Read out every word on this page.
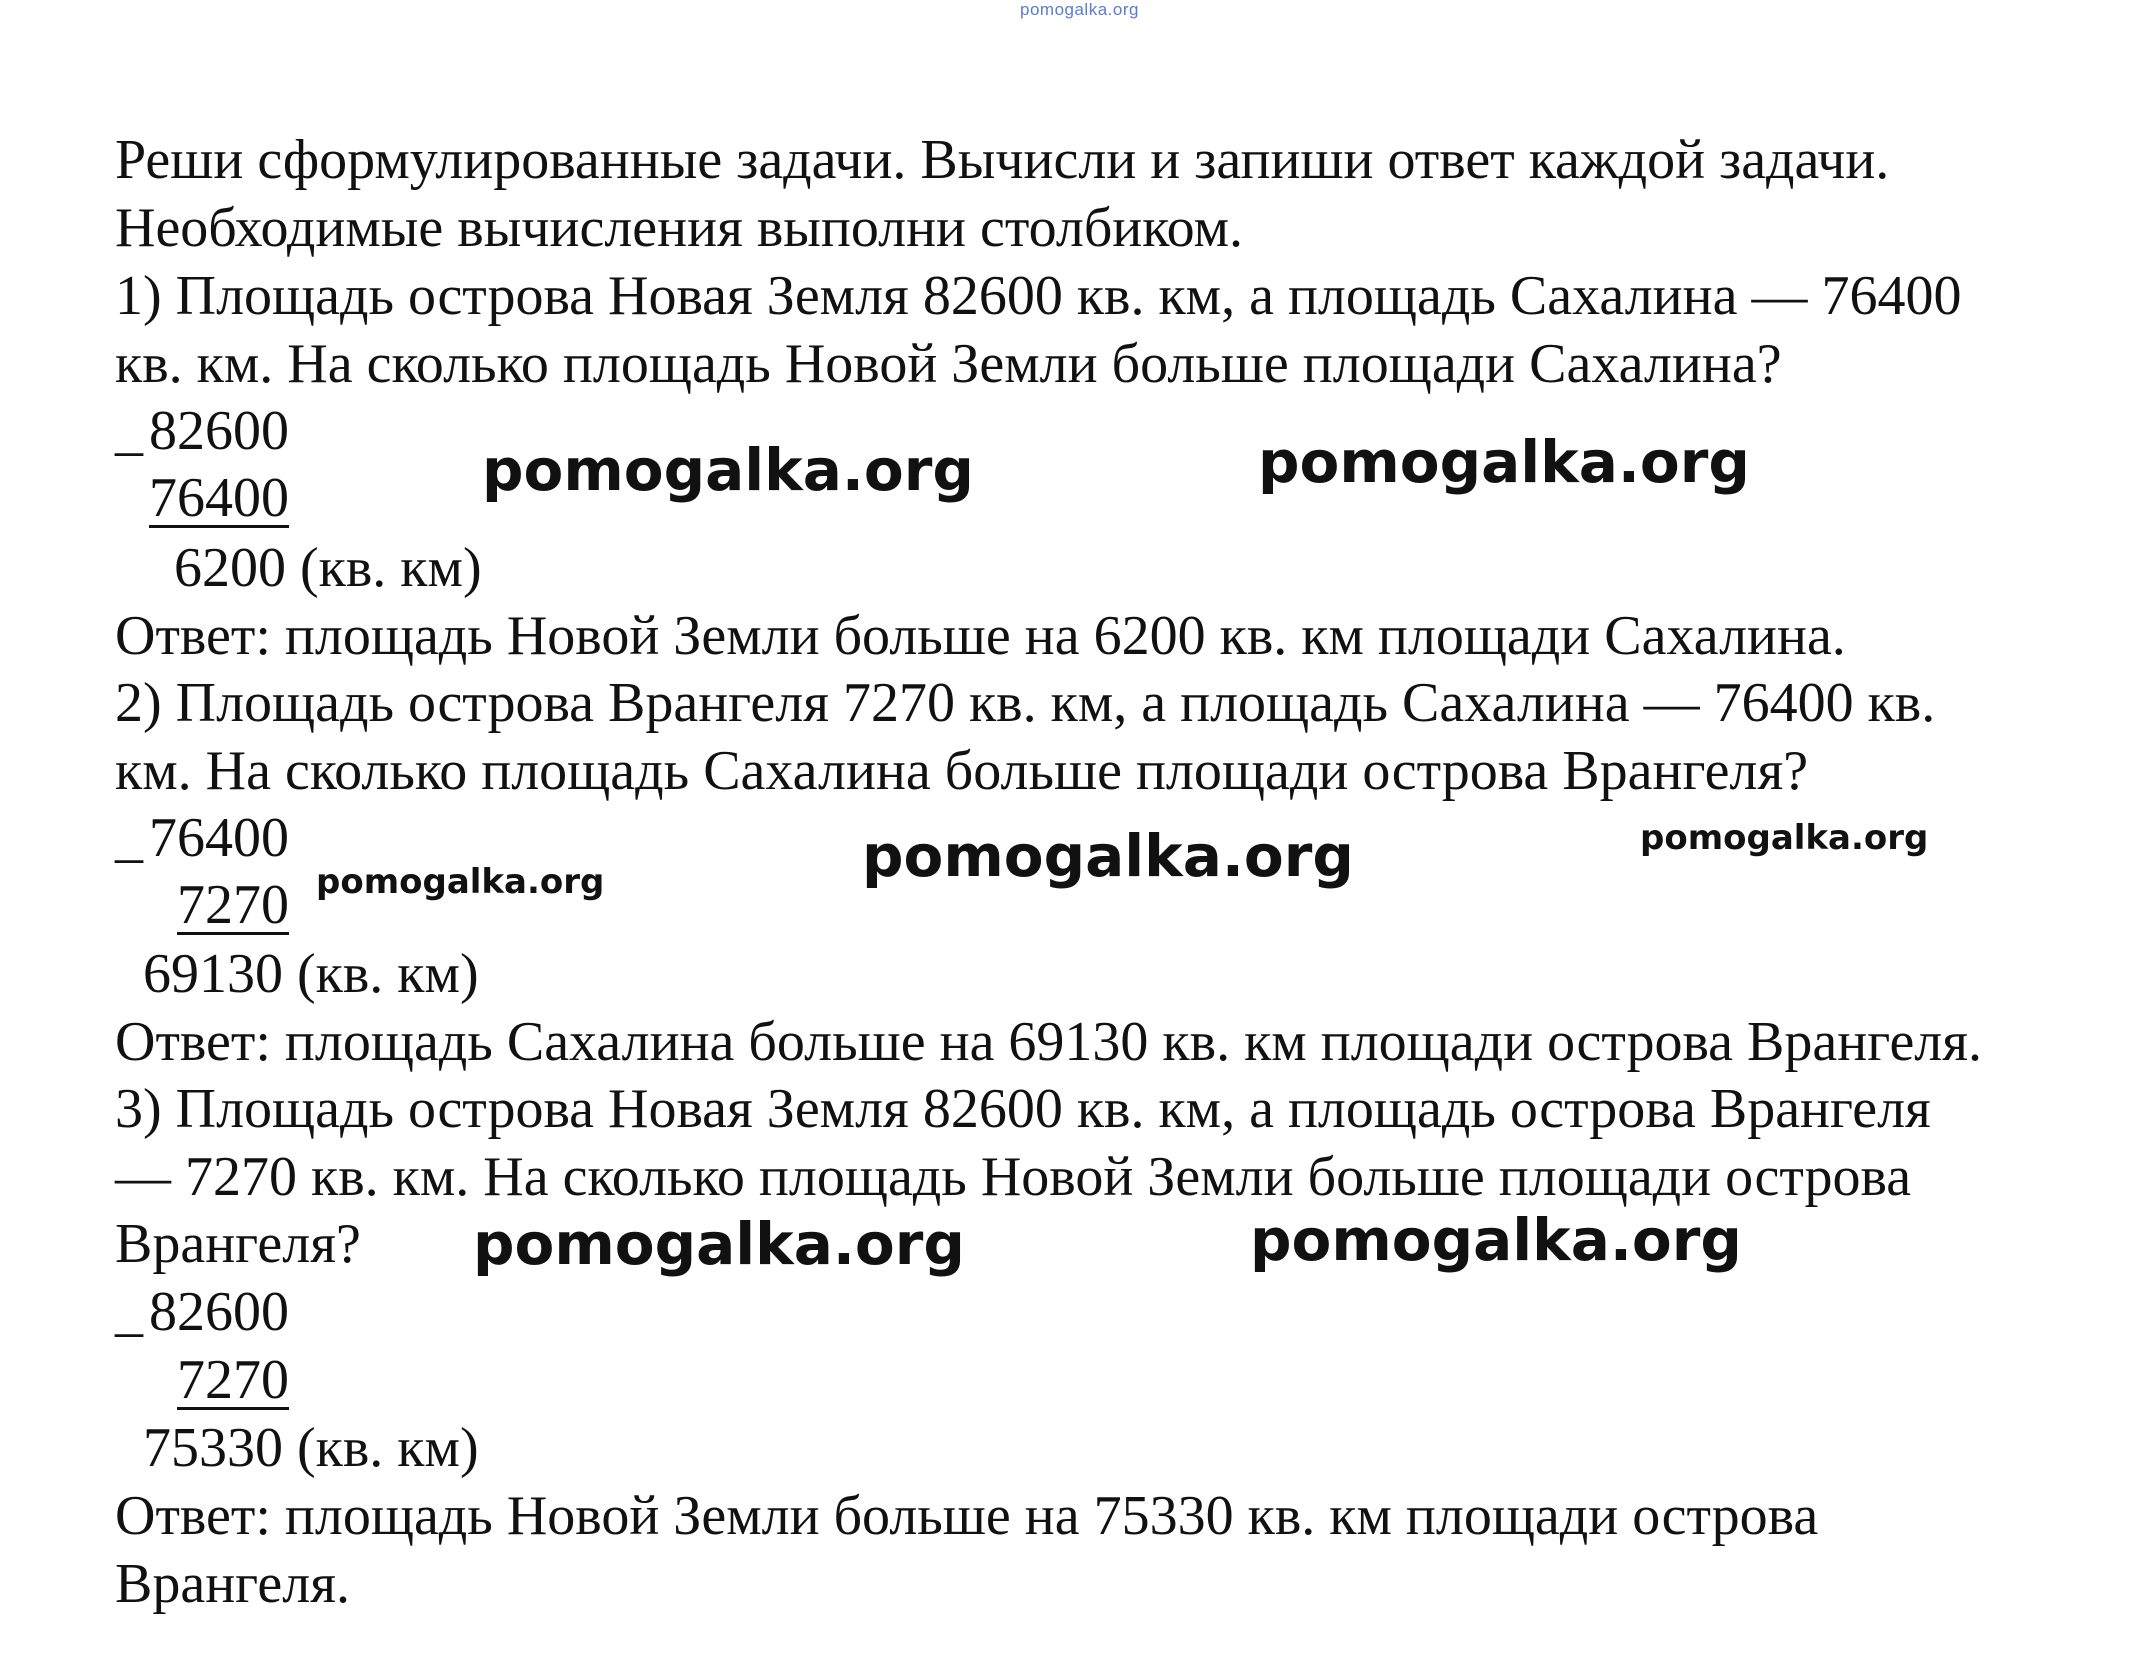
pomogalka.org
Реши сформулированные задачи. Вычисли и запиши ответ каждой задачи.
Необходимые вычисления выполни столбиком.
1) Площадь острова Новая Земля 82600 кв. км, а площадь Сахалина — 76400
кв. км. На сколько площадь Новой Земли больше площади Сахалина?
_ 82600
76400
6200 (кв. км)
Ответ: площадь Новой Земли больше на 6200 кв. км площади Сахалина.
2) Площадь острова Врангеля 7270 кв. км, а площадь Сахалина — 76400 кв.
км. На сколько площадь Сахалина больше площади острова Врангеля?
_ 76400
7270
69130 (кв. км)
Ответ: площадь Сахалина больше на 69130 кв. км площади острова Врангеля.
3) Площадь острова Новая Земля 82600 кв. км, а площадь острова Врангеля
— 7270 кв. км. На сколько площадь Новой Земли больше площади острова
Врангеля?
_ 82600
7270
75330 (кв. км)
Ответ: площадь Новой Земли больше на 75330 кв. км площади острова
Врангеля.
pomogalka.org	pomogalka.org
pomogalka.org	pomogalka.org	pomogalka.org
pomogalka.org	pomogalka.org
